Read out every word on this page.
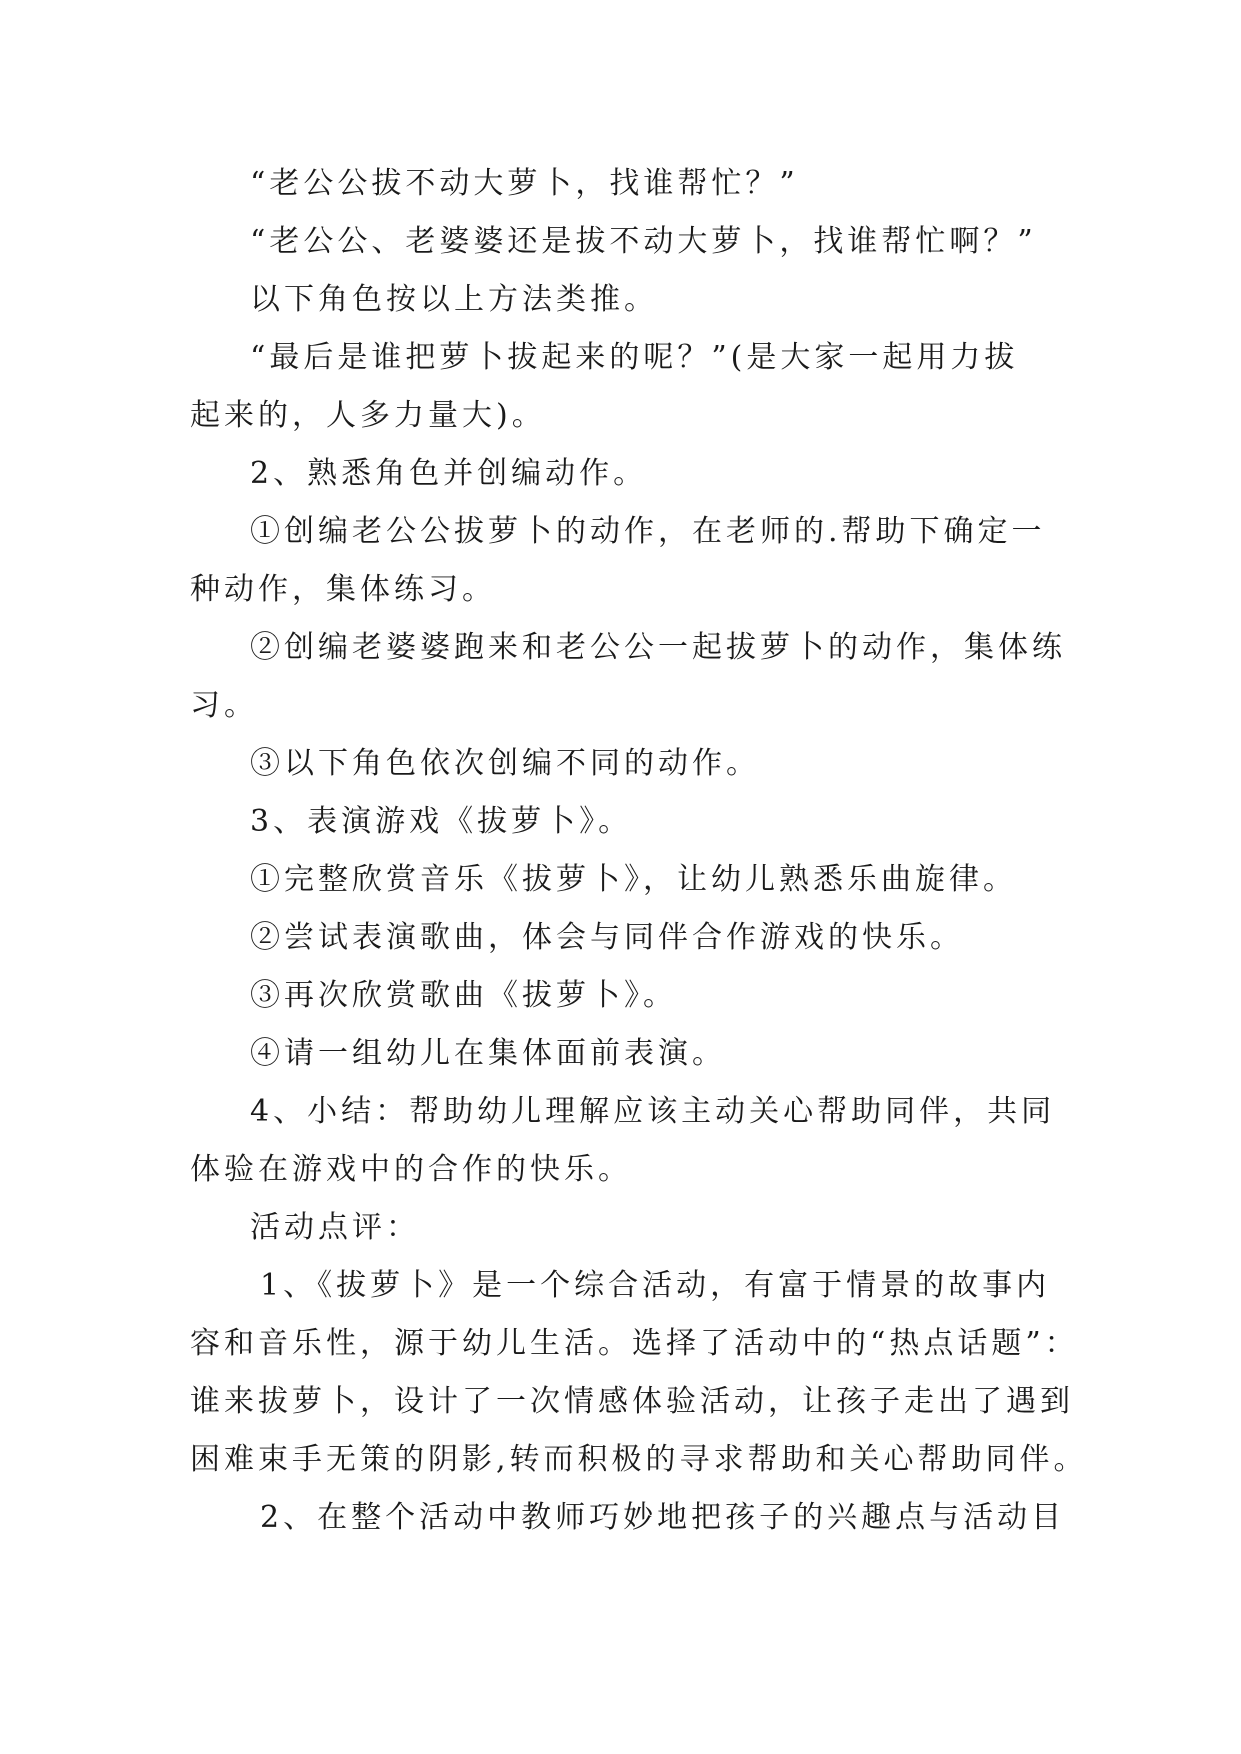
“老公公拔不动大萝卜，找谁帮忙？”
“老公公、老婆婆还是拔不动大萝卜，找谁帮忙啊？”
以下角色按以上方法类推。
“最后是谁把萝卜拔起来的呢？”(是大家一起用力拔
起来的，人多力量大)。
2、熟悉角色并创编动作。
①创编老公公拔萝卜的动作，在老师的.帮助下确定一
种动作，集体练习。
②创编老婆婆跑来和老公公一起拔萝卜的动作，集体练
习。
③以下角色依次创编不同的动作。
3、表演游戏《拔萝卜》。
①完整欣赏音乐《拔萝卜》，让幼儿熟悉乐曲旋律。
②尝试表演歌曲，体会与同伴合作游戏的快乐。
③再次欣赏歌曲《拔萝卜》。
④请一组幼儿在集体面前表演。
4、小结：帮助幼儿理解应该主动关心帮助同伴，共同
体验在游戏中的合作的快乐。
活动点评：
1、《拔萝卜》是一个综合活动，有富于情景的故事内
容和音乐性，源于幼儿生活。选择了活动中的“热点话题”：
谁来拔萝卜，设计了一次情感体验活动，让孩子走出了遇到
困难束手无策的阴影,转而积极的寻求帮助和关心帮助同伴。
2、在整个活动中教师巧妙地把孩子的兴趣点与活动目
